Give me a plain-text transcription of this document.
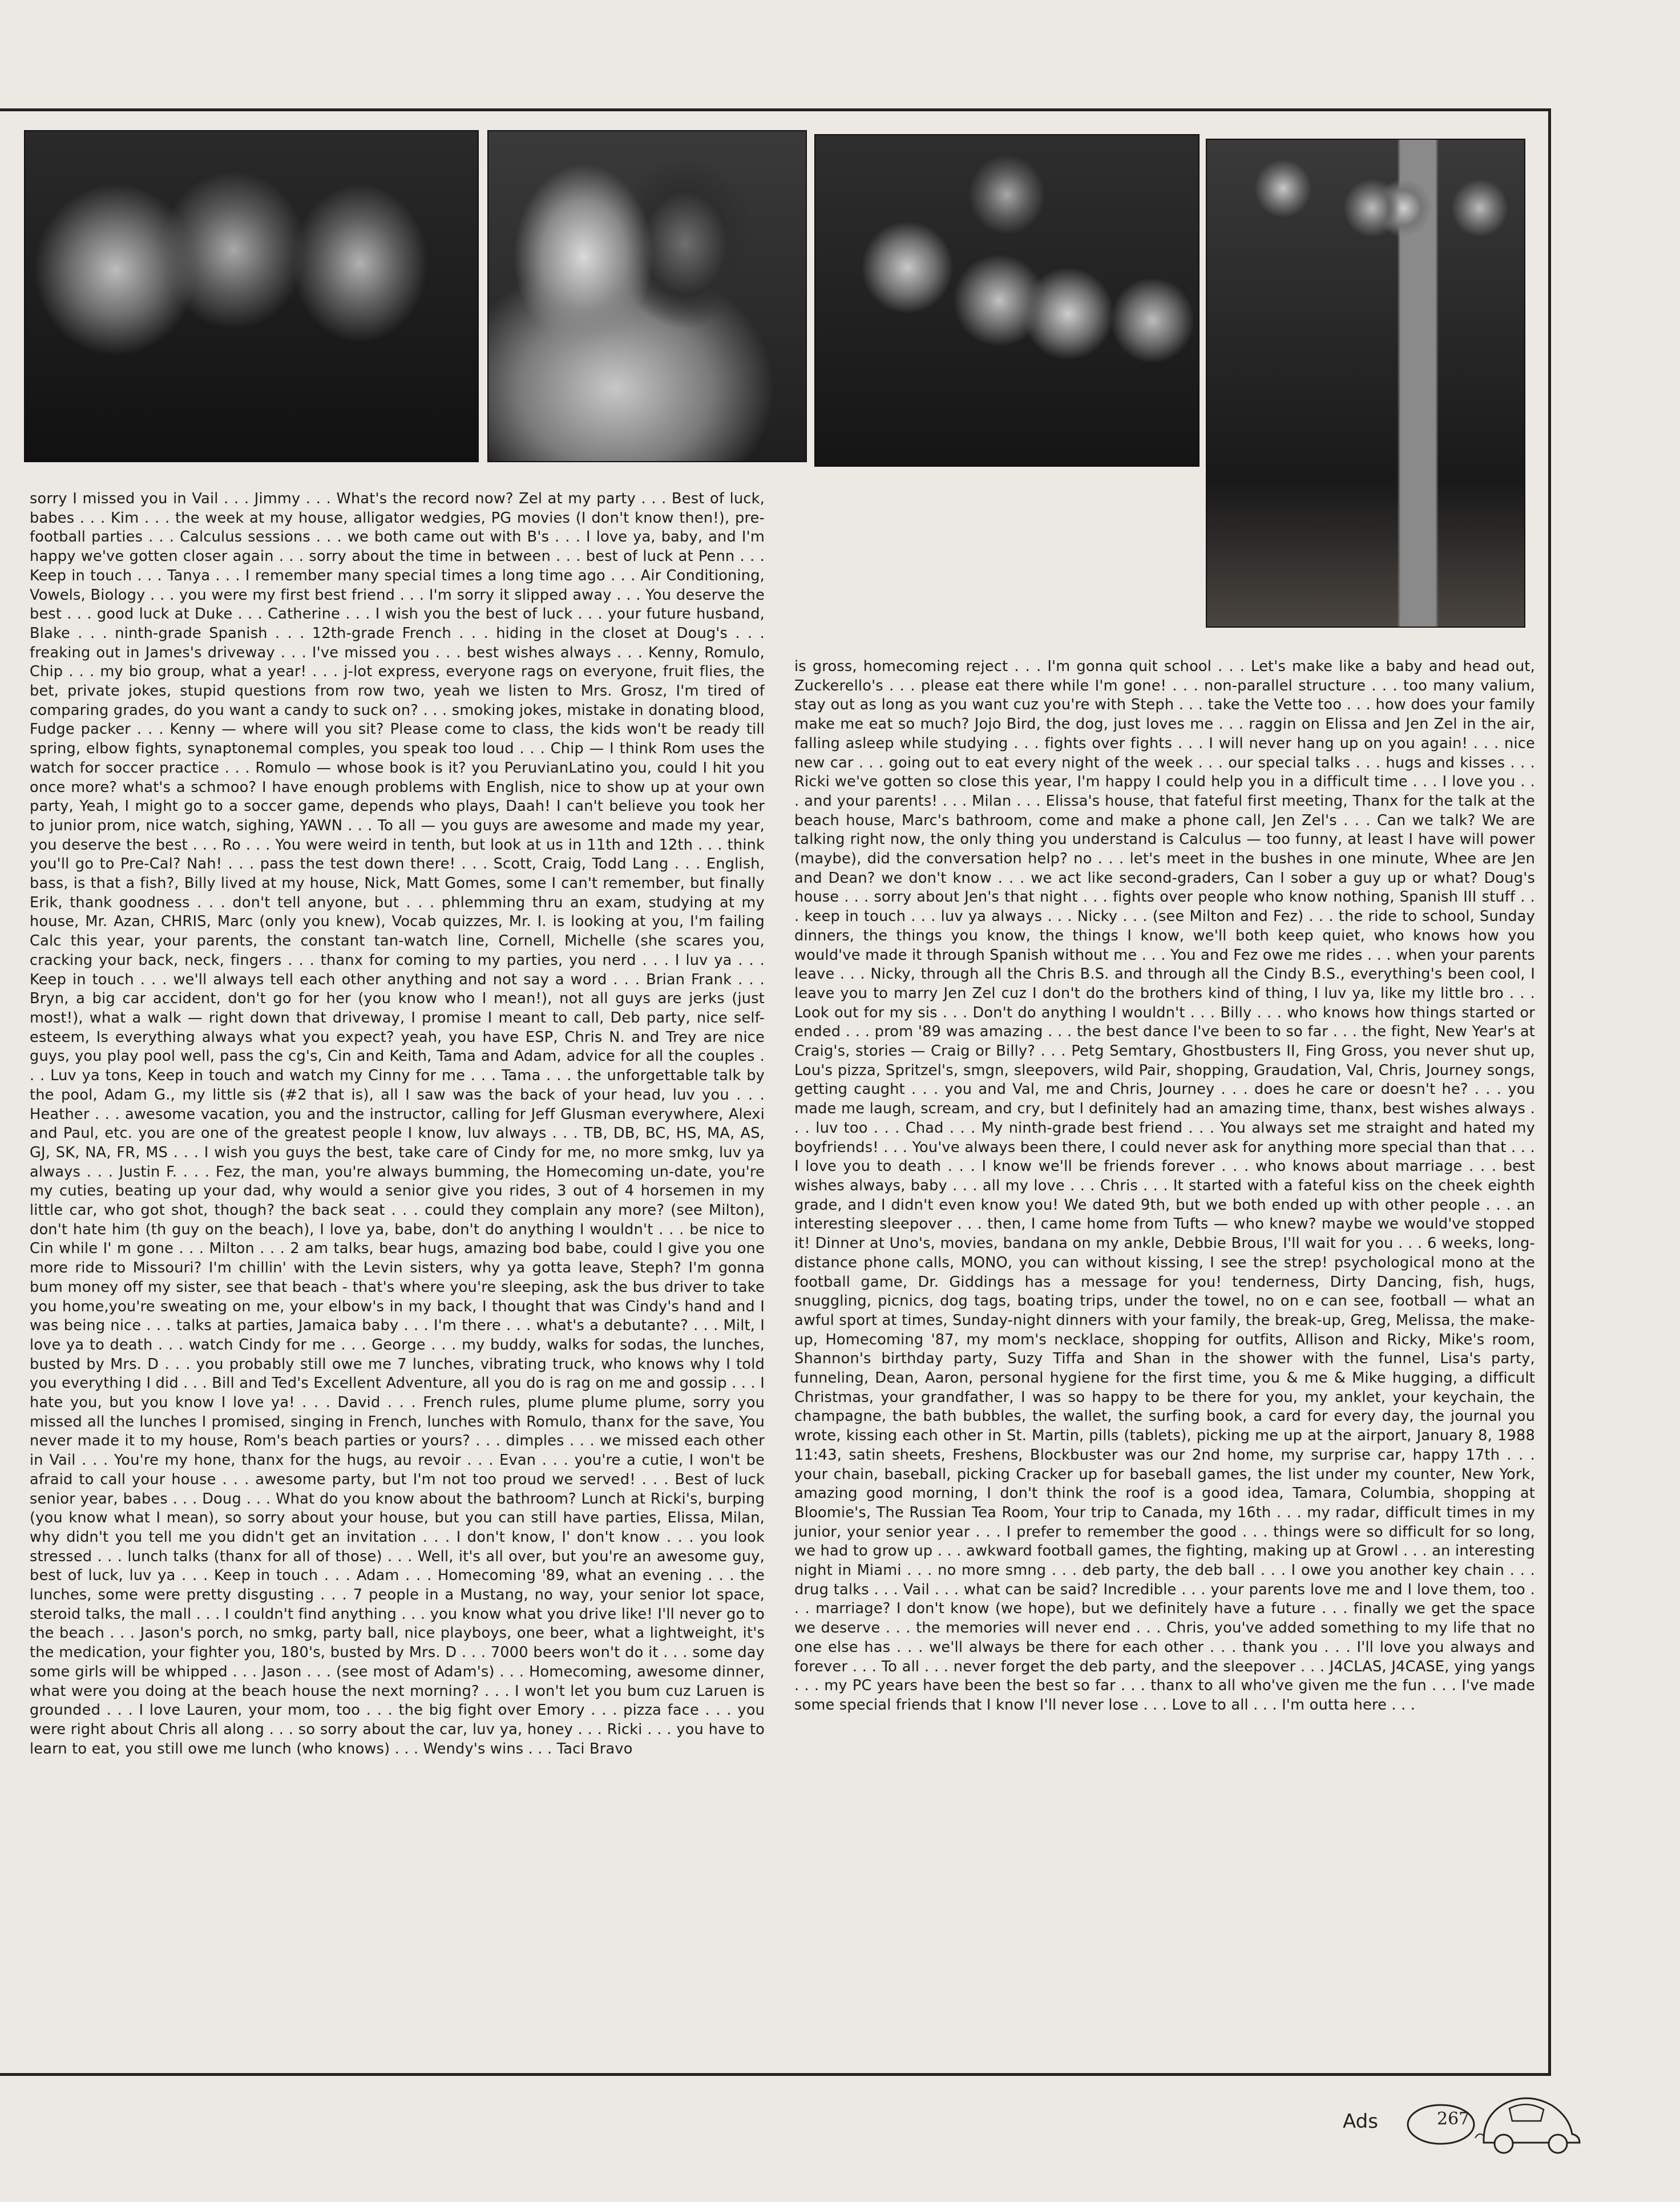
sorry I missed you in Vail . . . Jimmy . . . What's the record now? Zel at my party . . . Best of luck, babes . . . Kim . . . the week at my house, alligator wedgies, PG movies (I don't know then!), pre-football parties . . . Calculus sessions . . . we both came out with B's . . . I love ya, baby, and I'm happy we've gotten closer again . . . sorry about the time in between . . . best of luck at Penn . . . Keep in touch . . . Tanya . . . I remember many special times a long time ago . . . Air Conditioning, Vowels, Biology . . . you were my first best friend . . . I'm sorry it slipped away . . . You deserve the best . . . good luck at Duke . . . Catherine . . . I wish you the best of luck . . . your future husband, Blake . . . ninth-grade Spanish . . . 12th-grade French . . . hiding in the closet at Doug's . . . freaking out in James's driveway . . . I've missed you . . . best wishes always . . . Kenny, Romulo, Chip . . . my bio group, what a year! . . . j-lot express, everyone rags on everyone, fruit flies, the bet, private jokes, stupid questions from row two, yeah we listen to Mrs. Grosz, I'm tired of comparing grades, do you want a candy to suck on? . . . smoking jokes, mistake in donating blood, Fudge packer . . . Kenny — where will you sit? Please come to class, the kids won't be ready till spring, elbow fights, synaptonemal comples, you speak too loud . . . Chip — I think Rom uses the watch for soccer practice . . . Romulo — whose book is it? you PeruvianLatino you, could I hit you once more? what's a schmoo? I have enough problems with English, nice to show up at your own party, Yeah, I might go to a soccer game, depends who plays, Daah! I can't believe you took her to junior prom, nice watch, sighing, YAWN . . . To all — you guys are awesome and made my year, you deserve the best . . . Ro . . . You were weird in tenth, but look at us in 11th and 12th . . . think you'll go to Pre-Cal? Nah! . . . pass the test down there! . . . Scott, Craig, Todd Lang . . . English, bass, is that a fish?, Billy lived at my house, Nick, Matt Gomes, some I can't remember, but finally Erik, thank goodness . . . don't tell anyone, but . . . phlemming thru an exam, studying at my house, Mr. Azan, CHRIS, Marc (only you knew), Vocab quizzes, Mr. I. is looking at you, I'm failing Calc this year, your parents, the constant tan-watch line, Cornell, Michelle (she scares you, cracking your back, neck, fingers . . . thanx for coming to my parties, you nerd . . . I luv ya . . . Keep in touch . . . we'll always tell each other anything and not say a word . . . Brian Frank . . . Bryn, a big car accident, don't go for her (you know who I mean!), not all guys are jerks (just most!), what a walk — right down that driveway, I promise I meant to call, Deb party, nice self-esteem, Is everything always what you expect? yeah, you have ESP, Chris N. and Trey are nice guys, you play pool well, pass the cg's, Cin and Keith, Tama and Adam, advice for all the couples . . . Luv ya tons, Keep in touch and watch my Cinny for me . . . Tama . . . the unforgettable talk by the pool, Adam G., my little sis (#2 that is), all I saw was the back of your head, luv you . . . Heather . . . awesome vacation, you and the instructor, calling for Jeff Glusman everywhere, Alexi and Paul, etc. you are one of the greatest people I know, luv always . . . TB, DB, BC, HS, MA, AS, GJ, SK, NA, FR, MS . . . I wish you guys the best, take care of Cindy for me, no more smkg, luv ya always . . . Justin F. . . . Fez, the man, you're always bumming, the Homecoming un-date, you're my cuties, beating up your dad, why would a senior give you rides, 3 out of 4 horsemen in my little car, who got shot, though? the back seat . . . could they complain any more? (see Milton), don't hate him (th guy on the beach), I love ya, babe, don't do anything I wouldn't . . . be nice to Cin while I' m gone . . . Milton . . . 2 am talks, bear hugs, amazing bod babe, could I give you one more ride to Missouri? I'm chillin' with the Levin sisters, why ya gotta leave, Steph? I'm gonna bum money off my sister, see that beach - that's where you're sleeping, ask the bus driver to take you home,you're sweating on me, your elbow's in my back, I thought that was Cindy's hand and I was being nice . . . talks at parties, Jamaica baby . . . I'm there . . . what's a debutante? . . . Milt, I love ya to death . . . watch Cindy for me . . . George . . . my buddy, walks for sodas, the lunches, busted by Mrs. D . . . you probably still owe me 7 lunches, vibrating truck, who knows why I told you everything I did . . . Bill and Ted's Excellent Adventure, all you do is rag on me and gossip . . . I hate you, but you know I love ya! . . . David . . . French rules, plume plume plume, sorry you missed all the lunches I promised, singing in French, lunches with Romulo, thanx for the save, You never made it to my house, Rom's beach parties or yours? . . . dimples . . . we missed each other in Vail . . . You're my hone, thanx for the hugs, au revoir . . . Evan . . . you're a cutie, I won't be afraid to call your house . . . awesome party, but I'm not too proud we served! . . . Best of luck senior year, babes . . . Doug . . . What do you know about the bathroom? Lunch at Ricki's, burping (you know what I mean), so sorry about your house, but you can still have parties, Elissa, Milan, why didn't you tell me you didn't get an invitation . . . I don't know, I' don't know . . . you look stressed . . . lunch talks (thanx for all of those) . . . Well, it's all over, but you're an awesome guy, best of luck, luv ya . . . Keep in touch . . . Adam . . . Homecoming '89, what an evening . . . the lunches, some were pretty disgusting . . . 7 people in a Mustang, no way, your senior lot space, steroid talks, the mall . . . I couldn't find anything . . . you know what you drive like! I'll never go to the beach . . . Jason's porch, no smkg, party ball, nice playboys, one beer, what a lightweight, it's the medication, your fighter you, 180's, busted by Mrs. D . . . 7000 beers won't do it . . . some day some girls will be whipped . . . Jason . . . (see most of Adam's) . . . Homecoming, awesome dinner, what were you doing at the beach house the next morning? . . . I won't let you bum cuz Laruen is grounded . . . I love Lauren, your mom, too . . . the big fight over Emory . . . pizza face . . . you were right about Chris all along . . . so sorry about the car, luv ya, honey . . . Ricki . . . you have to learn to eat, you still owe me lunch (who knows) . . . Wendy's wins . . . Taci Bravo

is gross, homecoming reject . . . I'm gonna quit school . . . Let's make like a baby and head out, Zuckerello's . . . please eat there while I'm gone! . . . non-parallel structure . . . too many valium, stay out as long as you want cuz you're with Steph . . . take the Vette too . . . how does your family make me eat so much? Jojo Bird, the dog, just loves me . . . raggin on Elissa and Jen Zel in the air, falling asleep while studying . . . fights over fights . . . I will never hang up on you again! . . . nice new car . . . going out to eat every night of the week . . . our special talks . . . hugs and kisses . . . Ricki we've gotten so close this year, I'm happy I could help you in a difficult time . . . I love you . . . and your parents! . . . Milan . . . Elissa's house, that fateful first meeting, Thanx for the talk at the beach house, Marc's bathroom, come and make a phone call, Jen Zel's . . . Can we talk? We are talking right now, the only thing you understand is Calculus — too funny, at least I have will power (maybe), did the conversation help? no . . . let's meet in the bushes in one minute, Whee are Jen and Dean? we don't know . . . we act like second-graders, Can I sober a guy up or what? Doug's house . . . sorry about Jen's that night . . . fights over people who know nothing, Spanish III stuff . . . keep in touch . . . luv ya always . . . Nicky . . . (see Milton and Fez) . . . the ride to school, Sunday dinners, the things you know, the things I know, we'll both keep quiet, who knows how you would've made it through Spanish without me . . . You and Fez owe me rides . . . when your parents leave . . . Nicky, through all the Chris B.S. and through all the Cindy B.S., everything's been cool, I leave you to marry Jen Zel cuz I don't do the brothers kind of thing, I luv ya, like my little bro . . . Look out for my sis . . . Don't do anything I wouldn't . . . Billy . . . who knows how things started or ended . . . prom '89 was amazing . . . the best dance I've been to so far . . . the fight, New Year's at Craig's, stories — Craig or Billy? . . . Petg Semtary, Ghostbusters II, Fing Gross, you never shut up, Lou's pizza, Spritzel's, smgn, sleepovers, wild Pair, shopping, Graudation, Val, Chris, Journey songs, getting caught . . . you and Val, me and Chris, Journey . . . does he care or doesn't he? . . . you made me laugh, scream, and cry, but I definitely had an amazing time, thanx, best wishes always . . . luv too . . . Chad . . . My ninth-grade best friend . . . You always set me straight and hated my boyfriends! . . . You've always been there, I could never ask for anything more special than that . . . I love you to death . . . I know we'll be friends forever . . . who knows about marriage . . . best wishes always, baby . . . all my love . . . Chris . . . It started with a fateful kiss on the cheek eighth grade, and I didn't even know you! We dated 9th, but we both ended up with other people . . . an interesting sleepover . . . then, I came home from Tufts — who knew? maybe we would've stopped it! Dinner at Uno's, movies, bandana on my ankle, Debbie Brous, I'll wait for you . . . 6 weeks, long-distance phone calls, MONO, you can without kissing, I see the strep! psychological mono at the football game, Dr. Giddings has a message for you! tenderness, Dirty Dancing, fish, hugs, snuggling, picnics, dog tags, boating trips, under the towel, no on e can see, football — what an awful sport at times, Sunday-night dinners with your family, the break-up, Greg, Melissa, the make-up, Homecoming '87, my mom's necklace, shopping for outfits, Allison and Ricky, Mike's room, Shannon's birthday party, Suzy Tiffa and Shan in the shower with the funnel, Lisa's party, funneling, Dean, Aaron, personal hygiene for the first time, you & me & Mike hugging, a difficult Christmas, your grandfather, I was so happy to be there for you, my anklet, your keychain, the champagne, the bath bubbles, the wallet, the surfing book, a card for every day, the journal you wrote, kissing each other in St. Martin, pills (tablets), picking me up at the airport, January 8, 1988 11:43, satin sheets, Freshens, Blockbuster was our 2nd home, my surprise car, happy 17th . . . your chain, baseball, picking Cracker up for baseball games, the list under my counter, New York, amazing good morning, I don't think the roof is a good idea, Tamara, Columbia, shopping at Bloomie's, The Russian Tea Room, Your trip to Canada, my 16th . . . my radar, difficult times in my junior, your senior year . . . I prefer to remember the good . . . things were so difficult for so long, we had to grow up . . . awkward football games, the fighting, making up at Growl . . . an interesting night in Miami . . . no more smng . . . deb party, the deb ball . . . I owe you another key chain . . . drug talks . . . Vail . . . what can be said? Incredible . . . your parents love me and I love them, too . . . marriage? I don't know (we hope), but we definitely have a future . . . finally we get the space we deserve . . . the memories will never end . . . Chris, you've added something to my life that no one else has . . . we'll always be there for each other . . . thank you . . . I'll love you always and forever . . . To all . . . never forget the deb party, and the sleepover . . . J4CLAS, J4CASE, ying yangs . . . my PC years have been the best so far . . . thanx to all who've given me the fun . . . I've made some special friends that I know I'll never lose . . . Love to all . . . I'm outta here . . .

Ads	267
